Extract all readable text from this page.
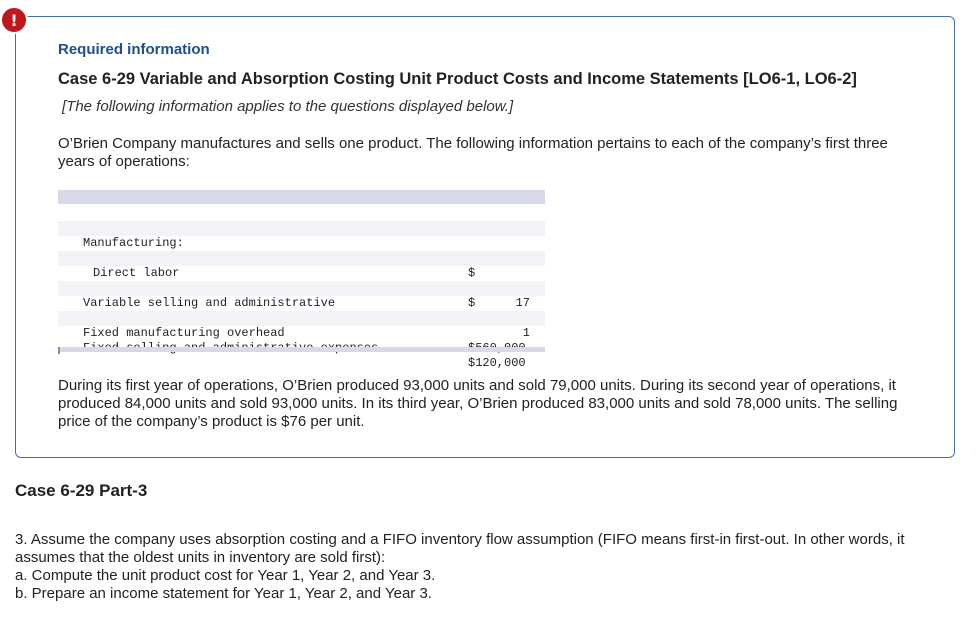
!
Required information
Case 6-29 Variable and Absorption Costing Unit Product Costs and Income Statements [LO6-1, LO6-2]
[The following information applies to the questions displayed below.]
O’Brien Company manufactures and sells one product. The following information pertains to each of the company’s first three years of operations:

Manufacturing:

$

Direct labor

17

$

Variable selling and administrative

1

Fixed manufacturing overhead

$120,000

During its first year of operations, O’Brien produced 93,000 units and sold 79,000 units. During its second year of operations, it produced 84,000 units and sold 93,000 units. In its third year, O’Brien produced 83,000 units and sold 78,000 units. The selling price of the company’s product is $76 per unit.
Case 6-29 Part-3
3. Assume the company uses absorption costing and a FIFO inventory flow assumption (FIFO means first-in first-out. In other words, it assumes that the oldest units in inventory are sold first):
a. Compute the unit product cost for Year 1, Year 2, and Year 3.
b. Prepare an income statement for Year 1, Year 2, and Year 3.
